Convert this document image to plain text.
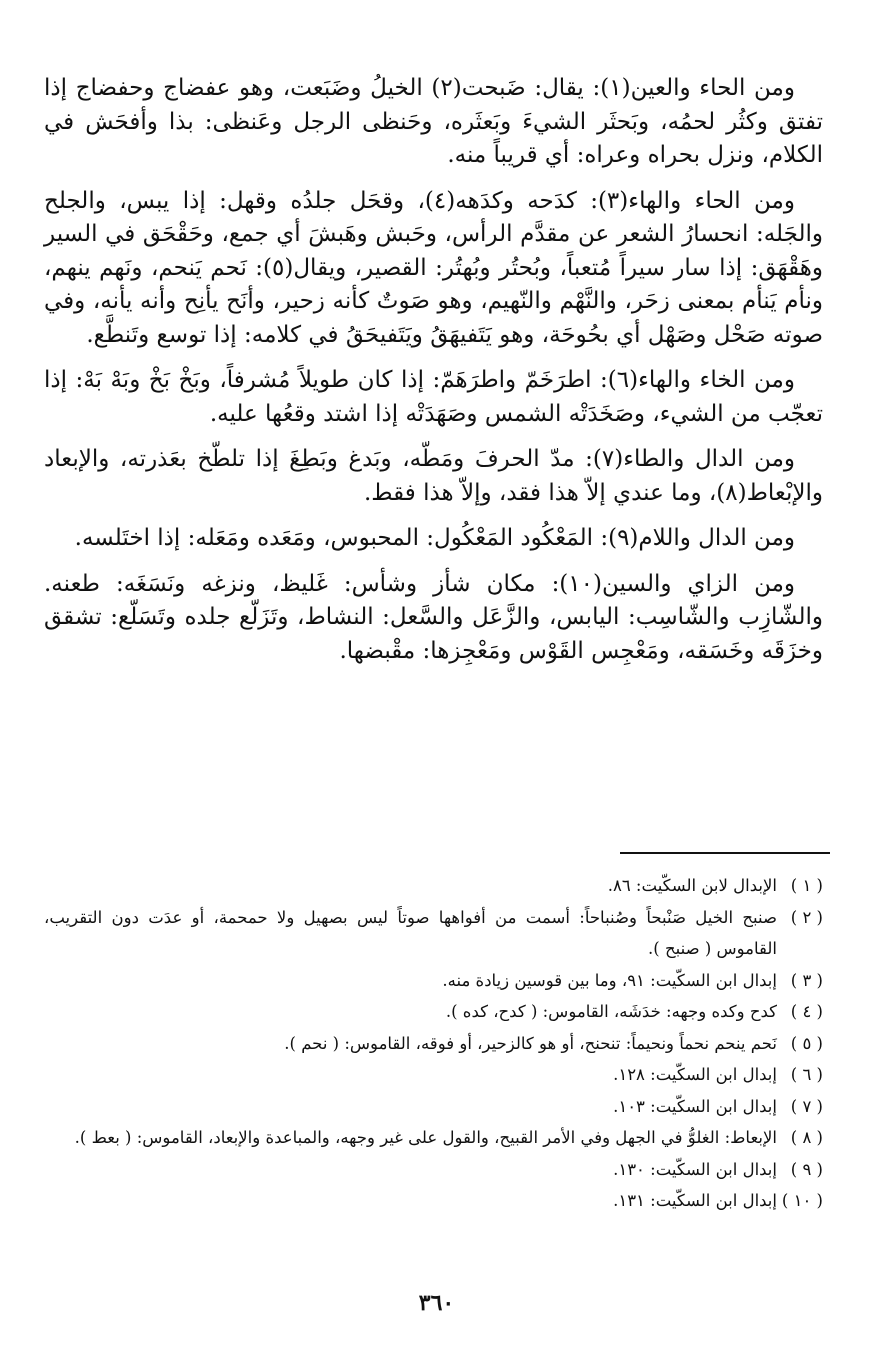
ومن الحاء والعين(١): يقال: ضَبحت(٢) الخيلُ وضَبَعت، وهو عفضاج وحفضاج إذا تفتق وكثُر لحمُه، وبَحثَر الشيءَ وبَعثَره، وحَنظى الرجل وعَنظى: بذا وأفحَش في الكلام، ونزل بحراه وعراه: أي قريباً منه.

ومن الحاء والهاء(٣): كدَحه وكدَهه(٤)، وقحَل جلدُه وقهل: إذا يبس، والجلح والجَله: انحسارُ الشعر عن مقدَّم الرأس، وحَبش وهَبشَ أي جمع، وحَقْحَق في السير وهَقْهَق: إذا سار سيراً مُتعباً، وبُحتُر وبُهتُر: القصير، ويقال(٥): نَحم يَنحم، ونَهم ينهم، ونأم يَنأم بمعنى زحَر، والنَّهْم والنّهيم، وهو صَوتٌ كأنه زحير، وأنَح يأنِح وأنه يأنه، وفي صوته صَحْل وصَهْل أي بحُوحَة، وهو يَتَفيهَقُ ويَتَفيحَقُ في كلامه: إذا توسع وتَنطَّع.

ومن الخاء والهاء(٦): اطرَخَمّ واطرَهَمّ: إذا كان طويلاً مُشرفاً، وبَخْ بَخْ وبَهْ بَهْ: إذا تعجّب من الشيء، وصَخَدَتْه الشمس وصَهَدَتْه إذا اشتد وقعُها عليه.

ومن الدال والطاء(٧): مدّ الحرفَ ومَطّه، وبَدغ وبَطِغَ إذا تلطّخ بعَذرته، والإبعاد والإبْعاط(٨)، وما عندي إلاّ هذا فقد، وإلاّ هذا فقط.

ومن الدال واللام(٩): المَعْكُود المَعْكُول: المحبوس، ومَعَده ومَعَله: إذا اختَلسه.

ومن الزاي والسين(١٠): مكان شأز وشأس: غَليظ، ونزغه ونَسَغَه: طعنه. والشّازِب والشّاسِب: اليابس، والزَّعَل والسَّعل: النشاط، وتَزَلّع جلده وتَسَلّع: تشقق وخزَقَه وخَسَقه، ومَعْجِس القَوْس ومَعْجِزها: مقْبضها.

( ١ )
الإبدال لابن السكّيت: ٨٦.
( ٢ )
صنبح الخيل صَنْبحاً وصُنباحاً: أسمت من أفواهها صوتاً ليس بصهيل ولا حمحمة، أو عدَت دون التقريب، القاموس ( صنبح ).
( ٣ )
إبدال ابن السكّيت: ٩١، وما بين قوسين زيادة منه.
( ٤ )
كدح وكده وجهه: خدَشَه، القاموس: ( كدح، كده ).
( ٥ )
نَحم ينحم نحماً ونحيماً: تنحنح، أو هو كالزحير، أو فوقه، القاموس: ( نحم ).
( ٦ )
إبدال ابن السكّيت: ١٢٨.
( ٧ )
إبدال ابن السكّيت: ١٠٣.
( ٨ )
الإبعاط: الغلوُّ في الجهل وفي الأمر القبيح، والقول على غير وجهه، والمباعدة والإبعاد، القاموس: ( بعط ).
( ٩ )
إبدال ابن السكّيت: ١٣٠.
( ١٠ )
إبدال ابن السكّيت: ١٣١.
٣٦٠
